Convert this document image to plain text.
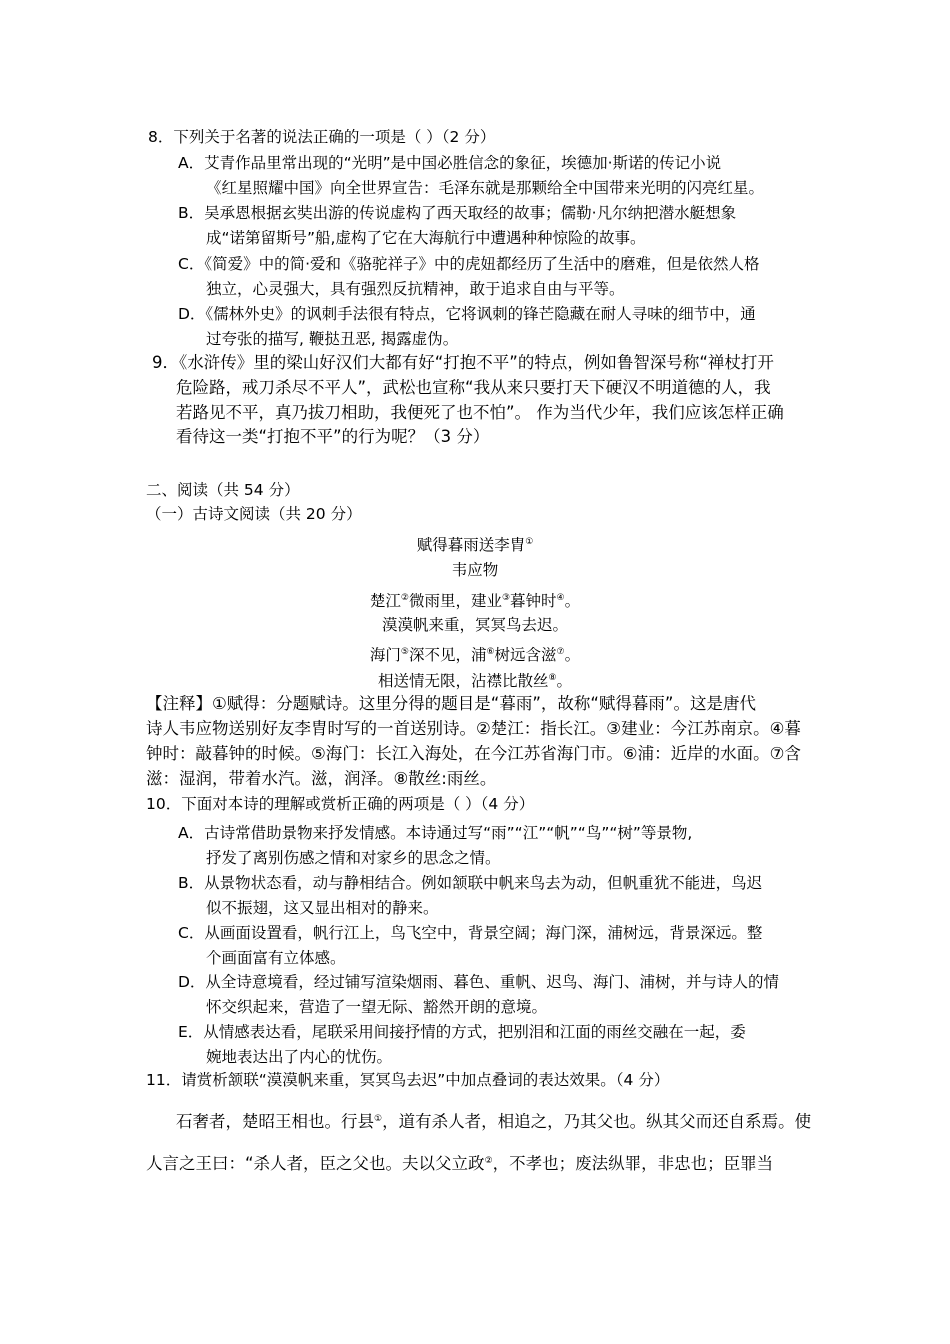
8．下列关于名著的说法正确的一项是（ ）（2 分）
A．艾青作品里常出现的“光明”是中国必胜信念的象征，埃德加·斯诺的传记小说
《红星照耀中国》向全世界宣告：毛泽东就是那颗给全中国带来光明的闪亮红星。
B．吴承恩根据玄奘出游的传说虚构了西天取经的故事；儒勒·凡尔纳把潜水艇想象
成“诺第留斯号”船,虚构了它在大海航行中遭遇种种惊险的故事。
C．《简爱》中的简·爱和《骆驼祥子》中的虎妞都经历了生活中的磨难，但是依然人格
独立，心灵强大，具有强烈反抗精神，敢于追求自由与平等。
D．《儒林外史》的讽刺手法很有特点，它将讽刺的锋芒隐藏在耐人寻味的细节中，通
过夸张的描写, 鞭挞丑恶, 揭露虚伪。
9．《水浒传》里的梁山好汉们大都有好“打抱不平”的特点，例如鲁智深号称“禅杖打开
危险路，戒刀杀尽不平人”，武松也宣称“我从来只要打天下硬汉不明道德的人，我
若路见不平，真乃拔刀相助，我便死了也不怕”。 作为当代少年，我们应该怎样正确
看待这一类“打抱不平”的行为呢？（3 分）
二、阅读（共 54 分）
（一）古诗文阅读（共 20 分）
赋得暮雨送李胄①
韦应物
楚江②微雨里，建业③暮钟时④。
漠漠帆来重，冥冥鸟去迟。
海门⑤深不见，浦⑥树远含滋⑦。
相送情无限，沾襟比散丝⑧。
【注释】①赋得：分题赋诗。这里分得的题目是“暮雨”，故称“赋得暮雨”。这是唐代
诗人韦应物送别好友李胄时写的一首送别诗。②楚江：指长江。③建业：今江苏南京。④暮
钟时：敲暮钟的时候。⑤海门：长江入海处，在今江苏省海门市。⑥浦：近岸的水面。⑦含
滋：湿润，带着水汽。滋，润泽。⑧散丝:雨丝。
10．下面对本诗的理解或赏析正确的两项是（ ）（4 分）
A．古诗常借助景物来抒发情感。本诗通过写“雨”“江”“帆”“鸟”“树”等景物,
抒发了离别伤感之情和对家乡的思念之情。
B．从景物状态看，动与静相结合。例如颔联中帆来鸟去为动，但帆重犹不能进，鸟迟
似不振翅，这又显出相对的静来。
C．从画面设置看，帆行江上，鸟飞空中，背景空阔；海门深，浦树远，背景深远。整
个画面富有立体感。
D．从全诗意境看，经过铺写渲染烟雨、暮色、重帆、迟鸟、海门、浦树，并与诗人的情
怀交织起来，营造了一望无际、豁然开朗的意境。
E．从情感表达看，尾联采用间接抒情的方式，把别泪和江面的雨丝交融在一起，委
婉地表达出了内心的忧伤。
11．请赏析颔联“漠漠帆来重，冥冥鸟去迟”中加点叠词的表达效果。（4 分）
石奢者，楚昭王相也。行县①，道有杀人者，相追之，乃其父也。纵其父而还自系焉。使
人言之王曰：“杀人者，臣之父也。夫以父立政②，不孝也；废法纵罪，非忠也；臣罪当
